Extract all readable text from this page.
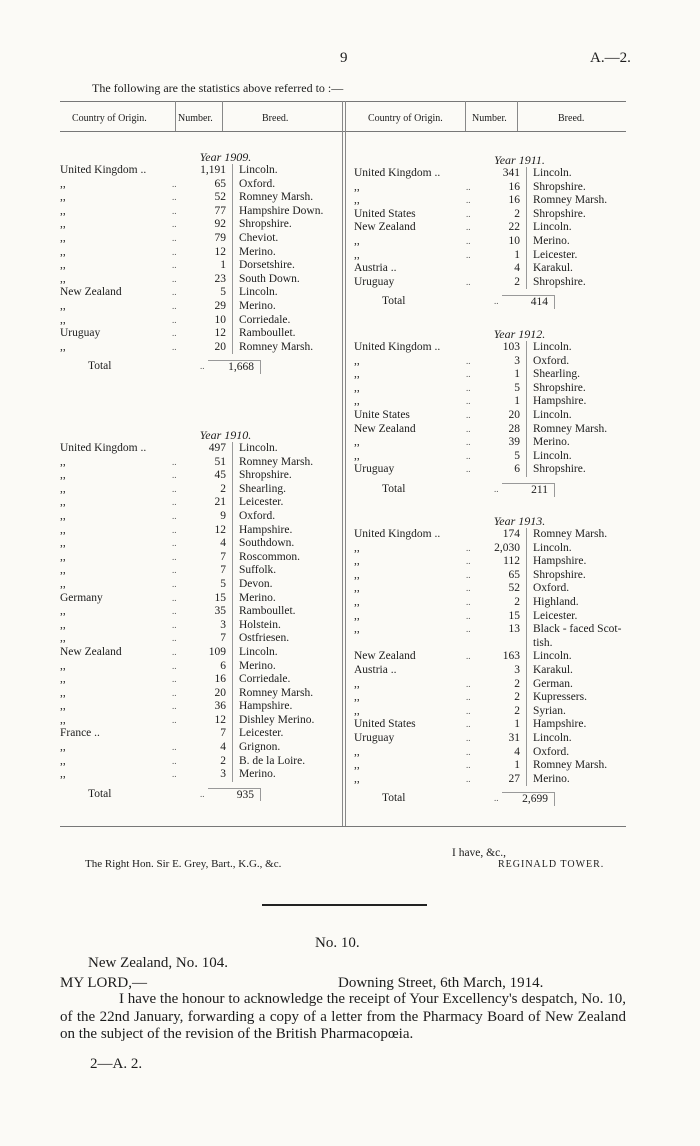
9	A.—2.
The following are the statistics above referred to :—
Country of Origin.	Number.	Breed.	Country of Origin.	Number.	Breed.
Year 1909.
United Kingdom ..	1,191	Lincoln.
,,	..	65	Oxford.
,,	..	52	Romney Marsh.
,,	..	77	Hampshire Down.
,,	..	92	Shropshire.
,,	..	79	Cheviot.
,,	..	12	Merino.
,,	..	1	Dorsetshire.
,,	..	23	South Down.
New Zealand	..	5	Lincoln.
,,	..	29	Merino.
,,	..	10	Corriedale.
Uruguay	..	12	Ramboullet.
,,	..	20	Romney Marsh.
Total	..	1,668
Year 1910.
United Kingdom ..	497	Lincoln.
,,	..	51	Romney Marsh.
,,	..	45	Shropshire.
,,	..	2	Shearling.
,,	..	21	Leicester.
,,	..	9	Oxford.
,,	..	12	Hampshire.
,,	..	4	Southdown.
,,	..	7	Roscommon.
,,	..	7	Suffolk.
,,	..	5	Devon.
Germany	..	15	Merino.
,,	..	35	Ramboullet.
,,	..	3	Holstein.
,,	..	7	Ostfriesen.
New Zealand	..	109	Lincoln.
,,	..	6	Merino.
,,	..	16	Corriedale.
,,	..	20	Romney Marsh.
,,	..	36	Hampshire.
,,	..	12	Dishley Merino.
France ..	7	Leicester.
,,	..	4	Grignon.
,,	..	2	B. de la Loire.
,,	..	3	Merino.
Total	..	935
Year 1911.
United Kingdom ..	341	Lincoln.
,,	..	16	Shropshire.
,,	..	16	Romney Marsh.
United States	..	2	Shropshire.
New Zealand	..	22	Lincoln.
,,	..	10	Merino.
,,	..	1	Leicester.
Austria ..	4	Karakul.
Uruguay	..	2	Shropshire.
Total	..	414
Year 1912.
United Kingdom ..	103	Lincoln.
,,	..	3	Oxford.
,,	..	1	Shearling.
,,	..	5	Shropshire.
,,	..	1	Hampshire.
Unite States	..	20	Lincoln.
New Zealand	..	28	Romney Marsh.
,,	..	39	Merino.
,,	..	5	Lincoln.
Uruguay	..	6	Shropshire.
Total	..	211
Year 1913.
United Kingdom ..	174	Romney Marsh.
,,	..	2,030	Lincoln.
,,	..	112	Hampshire.
,,	..	65	Shropshire.
,,	..	52	Oxford.
,,	..	2	Highland.
,,	..	15	Leicester.
,,	..	13	Black - faced Scot-
tish.
New Zealand	..	163	Lincoln.
Austria ..	3	Karakul.
,,	..	2	German.
,,	..	2	Kupressers.
,,	..	2	Syrian.
United States	..	1	Hampshire.
Uruguay	..	31	Lincoln.
,,	..	4	Oxford.
,,	..	1	Romney Marsh.
,,	..	27	Merino.
Total	..	2,699
I have, &c.,
REGINALD TOWER.
The Right Hon. Sir E. Grey, Bart., K.G., &c.
No. 10.
New Zealand, No. 104.
MY LORD,—	Downing Street, 6th March, 1914.
I have the honour to acknowledge the receipt of Your Excellency's despatch, No. 10, of the 22nd January, forwarding a copy of a letter from the Pharmacy Board of New Zealand on the subject of the revision of the British Pharmacopœia.
2—A. 2.
